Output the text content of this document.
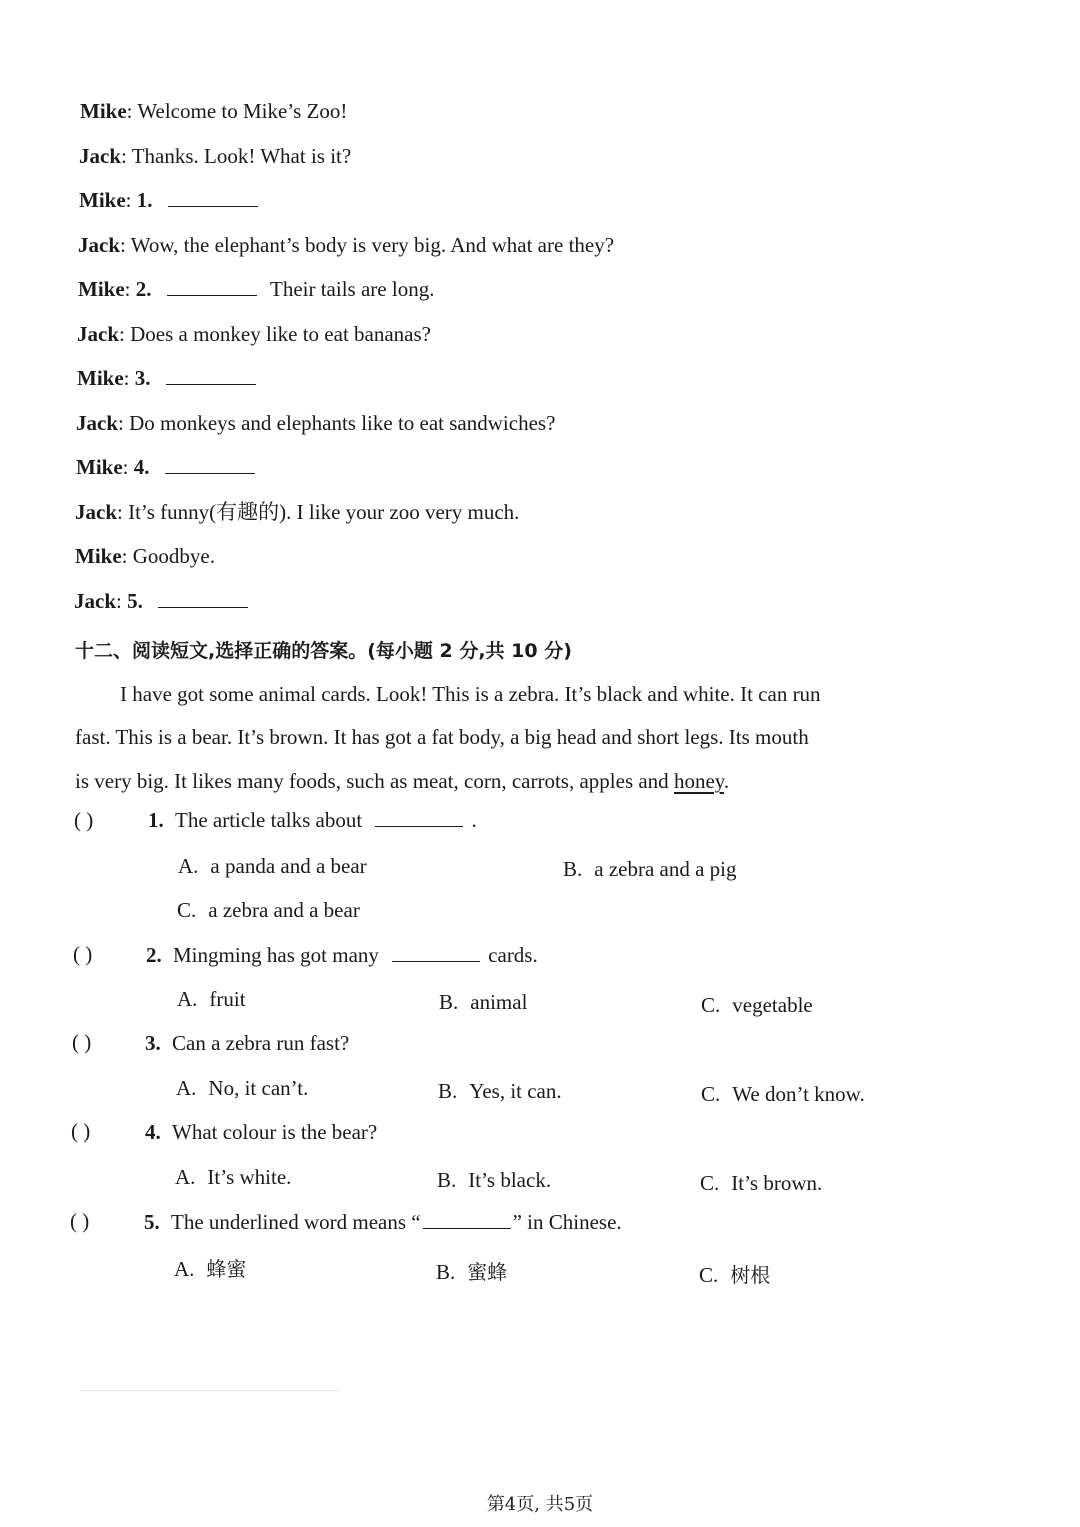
Mike: Welcome to Mike’s Zoo!
Jack: Thanks. Look! What is it?
Mike: 1.
Jack: Wow, the elephant’s body is very big. And what are they?
Mike: 2.	Their tails are long.
Jack: Does a monkey like to eat bananas?
Mike: 3.
Jack: Do monkeys and elephants like to eat sandwiches?
Mike: 4.
Jack: It’s funny(有趣的). I like your zoo very much.
Mike: Goodbye.
Jack: 5.
十二、阅读短文,选择正确的答案。(每小题 2 分,共 10 分)
I have got some animal cards. Look! This is a zebra. It’s black and white. It can run
fast. This is a bear. It’s brown. It has got a fat body, a big head and short legs. Its mouth
is very big. It likes many foods, such as meat, corn, carrots, apples and honey.
( )	1. The article talks about	.
A. a panda and a bear	B. a zebra and a pig
C. a zebra and a bear
( )	2. Mingming has got many	cards.
A. fruit	B. animal	C. vegetable
( )	3. Can a zebra run fast?
A. No, it can’t.	B. Yes, it can.	C. We don’t know.
( )	4. What colour is the bear?
A. It’s white.	B. It’s black.	C. It’s brown.
( )	5. The underlined word means “	” in Chinese.
A. 蜂蜜	B. 蜜蜂	C. 树根
第4页, 共5页
